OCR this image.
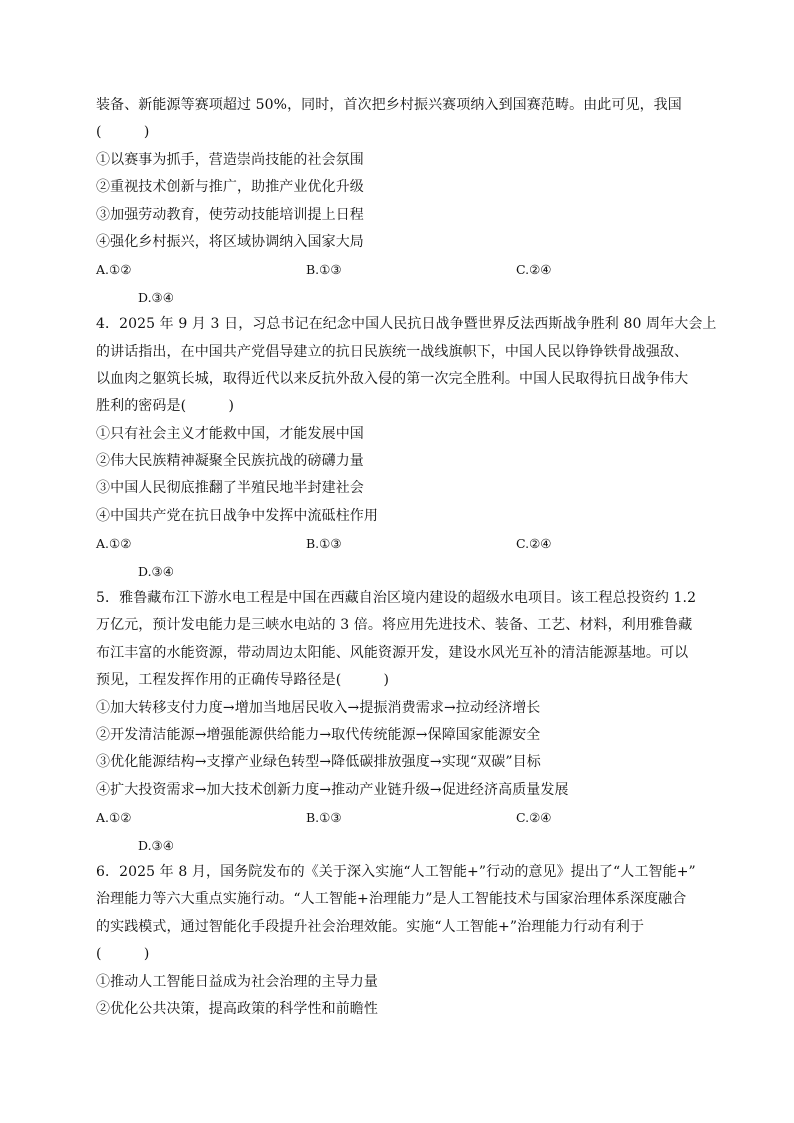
装备、新能源等赛项超过 50%，同时，首次把乡村振兴赛项纳入到国赛范畴。由此可见，我国
(　　　)
①以赛事为抓手，营造崇尚技能的社会氛围
②重视技术创新与推广，助推产业优化升级
③加强劳动教育，使劳动技能培训提上日程
④强化乡村振兴，将区域协调纳入国家大局
A.①②	B.①③	C.②④
D.③④
4．2025 年 9 月 3 日，习总书记在纪念中国人民抗日战争暨世界反法西斯战争胜利 80 周年大会上
的讲话指出，在中国共产党倡导建立的抗日民族统一战线旗帜下，中国人民以铮铮铁骨战强敌、
以血肉之躯筑长城，取得近代以来反抗外敌入侵的第一次完全胜利。中国人民取得抗日战争伟大
胜利的密码是(　　　)
①只有社会主义才能救中国，才能发展中国
②伟大民族精神凝聚全民族抗战的磅礴力量
③中国人民彻底推翻了半殖民地半封建社会
④中国共产党在抗日战争中发挥中流砥柱作用
A.①②	B.①③	C.②④
D.③④
5．雅鲁藏布江下游水电工程是中国在西藏自治区境内建设的超级水电项目。该工程总投资约 1.2
万亿元，预计发电能力是三峡水电站的 3 倍。将应用先进技术、装备、工艺、材料，利用雅鲁藏
布江丰富的水能资源，带动周边太阳能、风能资源开发，建设水风光互补的清洁能源基地。可以
预见，工程发挥作用的正确传导路径是(　　　)
①加大转移支付力度→增加当地居民收入→提振消费需求→拉动经济增长
②开发清洁能源→增强能源供给能力→取代传统能源→保障国家能源安全
③优化能源结构→支撑产业绿色转型→降低碳排放强度→实现“双碳”目标
④扩大投资需求→加大技术创新力度→推动产业链升级→促进经济高质量发展
A.①②	B.①③	C.②④
D.③④
6．2025 年 8 月，国务院发布的《关于深入实施“人工智能+”行动的意见》提出了“人工智能+”
治理能力等六大重点实施行动。“人工智能+治理能力”是人工智能技术与国家治理体系深度融合
的实践模式，通过智能化手段提升社会治理效能。实施“人工智能+”治理能力行动有利于
(　　　)
①推动人工智能日益成为社会治理的主导力量
②优化公共决策，提高政策的科学性和前瞻性
